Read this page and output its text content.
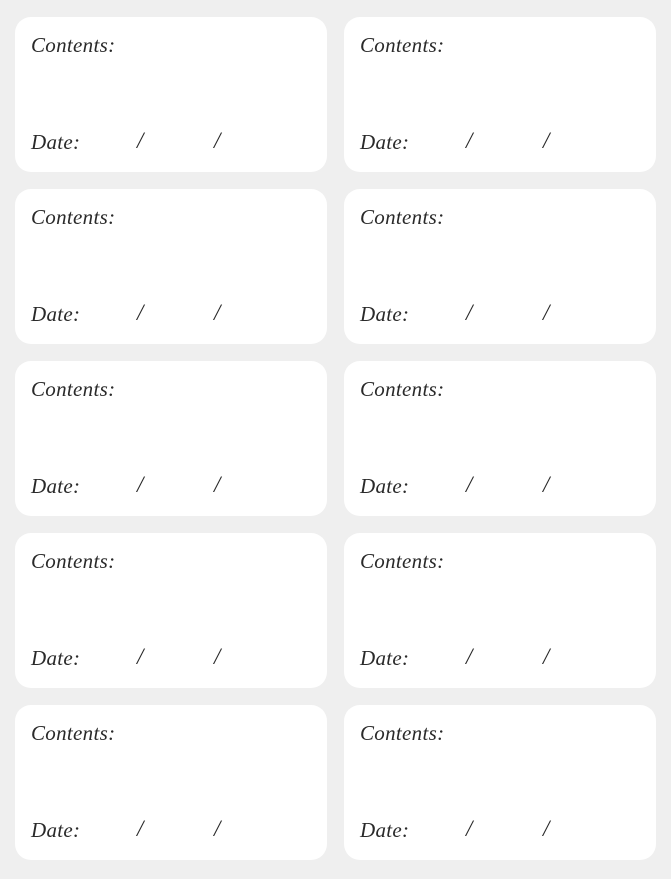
Contents:
Date: /	/
Contents:
Date: /	/
Contents:
Date: /	/
Contents:
Date: /	/
Contents:
Date: /	/
Contents:
Date: /	/
Contents:
Date: /	/
Contents:
Date: /	/
Contents:
Date: /	/
Contents:
Date: /	/
